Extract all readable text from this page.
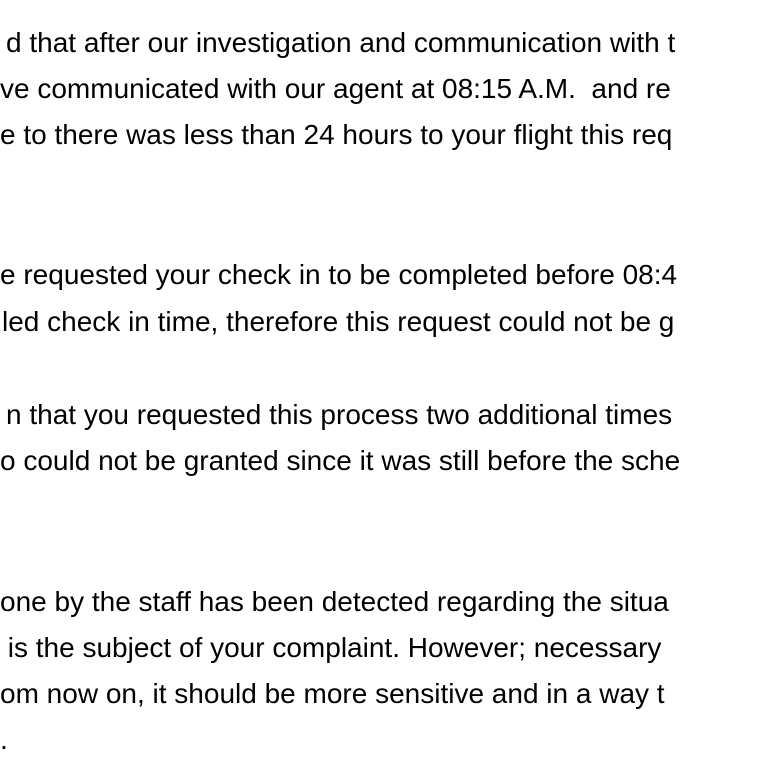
d that after our investigation and communication with t
ve communicated with our agent at 08:15 A.M.  and re
e to there was less than 24 hours to your flight this req
e requested your check in to be completed before 08:4
led check in time, therefore this request could not be g
n that you requested this process two additional times
o could not be granted since it was still before the sche
one by the staff has been detected regarding the situa
is the subject of your complaint. However; necessary
om now on, it should be more sensitive and in a way t
.
